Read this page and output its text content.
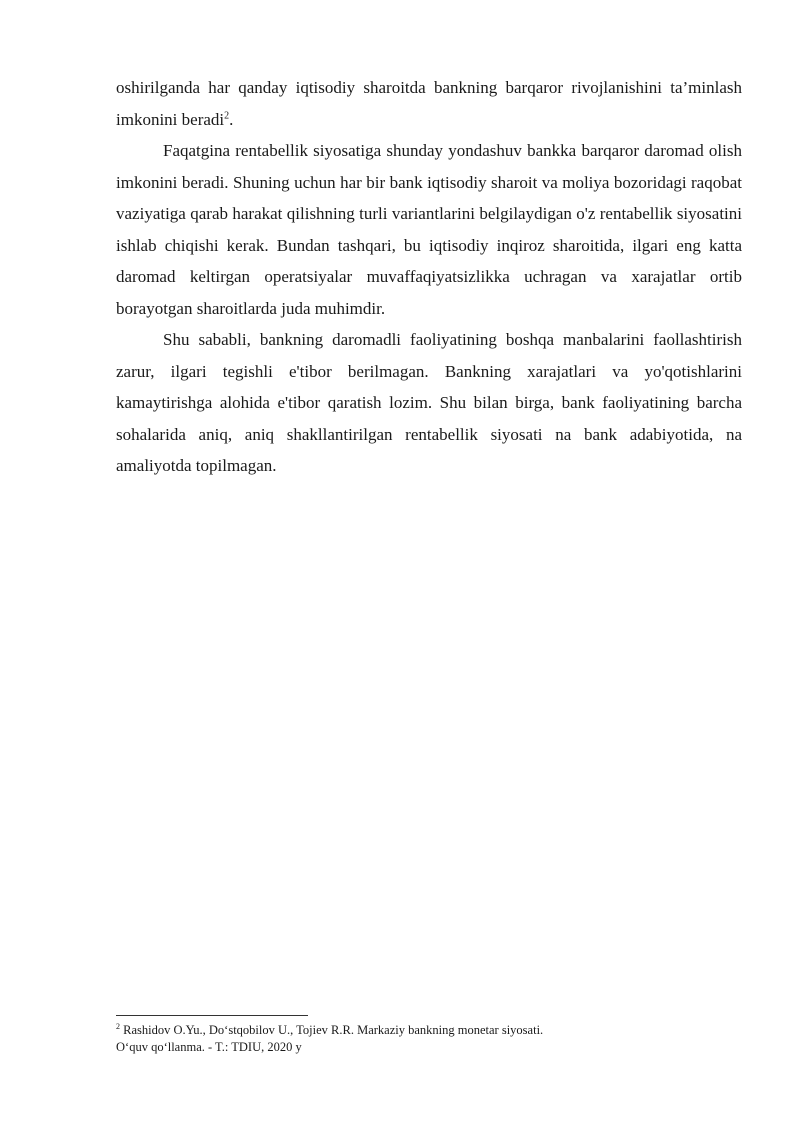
oshirilganda har qanday iqtisodiy sharoitda bankning barqaror rivojlanishini ta’minlash imkonini beradi$^2$.

Faqatgina rentabellik siyosatiga shunday yondashuv bankka barqaror daromad olish imkonini beradi. Shuning uchun har bir bank iqtisodiy sharoit va moliya bozoridagi raqobat vaziyatiga qarab harakat qilishning turli variantlarini belgilaydigan o'z rentabellik siyosatini ishlab chiqishi kerak. Bundan tashqari, bu iqtisodiy inqiroz sharoitida, ilgari eng katta daromad keltirgan operatsiyalar muvaffaqiyatsizlikka uchragan va xarajatlar ortib borayotgan sharoitlarda juda muhimdir.

Shu sababli, bankning daromadli faoliyatining boshqa manbalarini faollashtirish zarur, ilgari tegishli e'tibor berilmagan. Bankning xarajatlari va yo'qotishlarini kamaytirishga alohida e'tibor qaratish lozim. Shu bilan birga, bank faoliyatining barcha sohalarida aniq, aniq shakllantirilgan rentabellik siyosati na bank adabiyotida, na amaliyotda topilmagan.

$^2$ Rashidov O.Yu., Do‘stqobilov U., Tojiev R.R. Markaziy bankning monetar siyosati. O‘quv qo‘llanma. - T.: TDIU, 2020 y
